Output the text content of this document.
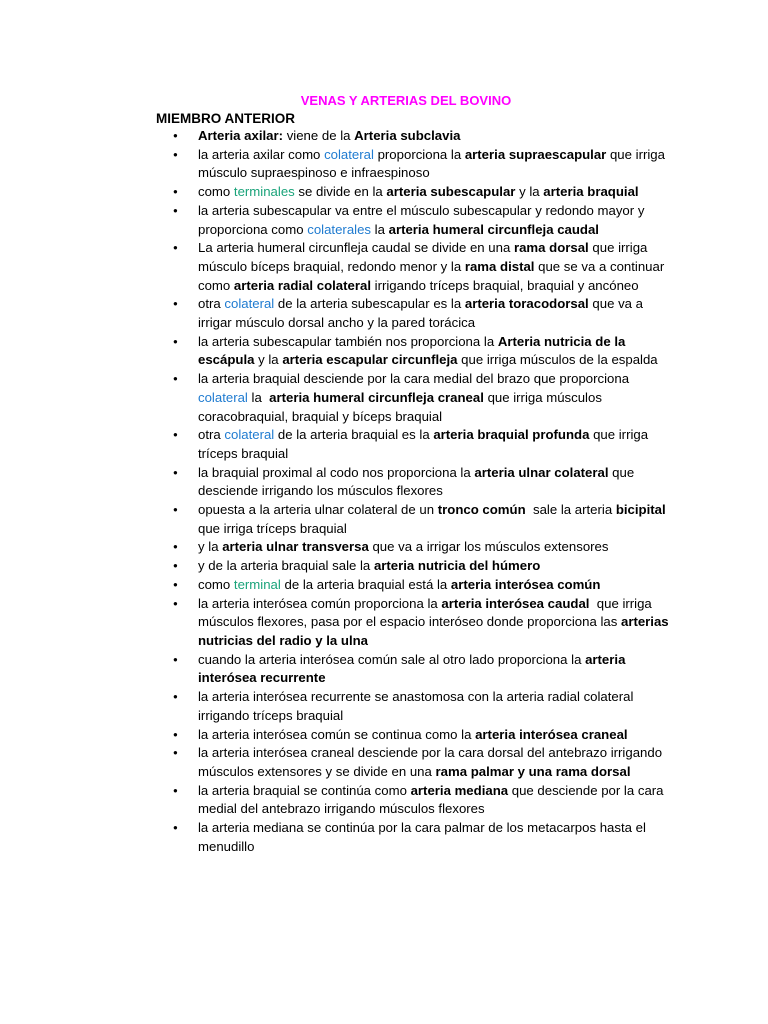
VENAS Y ARTERIAS DEL BOVINO
MIEMBRO ANTERIOR
● Arteria axilar: viene de la Arteria subclavia
● la arteria axilar como colateral proporciona la arteria supraescapular que irriga músculo supraespinoso e infraespinoso
● como terminales se divide en la arteria subescapular y la arteria braquial
● la arteria subescapular va entre el músculo subescapular y redondo mayor y proporciona como colaterales la arteria humeral circunfleja caudal
● La arteria humeral circunfleja caudal se divide en una rama dorsal que irriga músculo bíceps braquial, redondo menor y la rama distal que se va a continuar como arteria radial colateral irrigando tríceps braquial, braquial y ancóneo
● otra colateral de la arteria subescapular es la arteria toracodorsal que va a irrigar músculo dorsal ancho y la pared torácica
● la arteria subescapular también nos proporciona la Arteria nutricia de la escápula y la arteria escapular circunfleja que irriga músculos de la espalda
● la arteria braquial desciende por la cara medial del brazo que proporciona colateral la  arteria humeral circunfleja craneal que irriga músculos coracobraquial, braquial y bíceps braquial
● otra colateral de la arteria braquial es la arteria braquial profunda que irriga tríceps braquial
● la braquial proximal al codo nos proporciona la arteria ulnar colateral que desciende irrigando los músculos flexores
● opuesta a la arteria ulnar colateral de un tronco común  sale la arteria bicipital que irriga tríceps braquial
● y la arteria ulnar transversa que va a irrigar los músculos extensores
● y de la arteria braquial sale la arteria nutricia del húmero
● como terminal de la arteria braquial está la arteria interósea común
● la arteria interósea común proporciona la arteria interósea caudal  que irriga músculos flexores, pasa por el espacio interóseo donde proporciona las arterias nutricias del radio y la ulna
● cuando la arteria interósea común sale al otro lado proporciona la arteria interósea recurrente
● la arteria interósea recurrente se anastomosa con la arteria radial colateral irrigando tríceps braquial
● la arteria interósea común se continua como la arteria interósea craneal
● la arteria interósea craneal desciende por la cara dorsal del antebrazo irrigando músculos extensores y se divide en una rama palmar y una rama dorsal
● la arteria braquial se continúa como arteria mediana que desciende por la cara medial del antebrazo irrigando músculos flexores
● la arteria mediana se continúa por la cara palmar de los metacarpos hasta el menudillo
